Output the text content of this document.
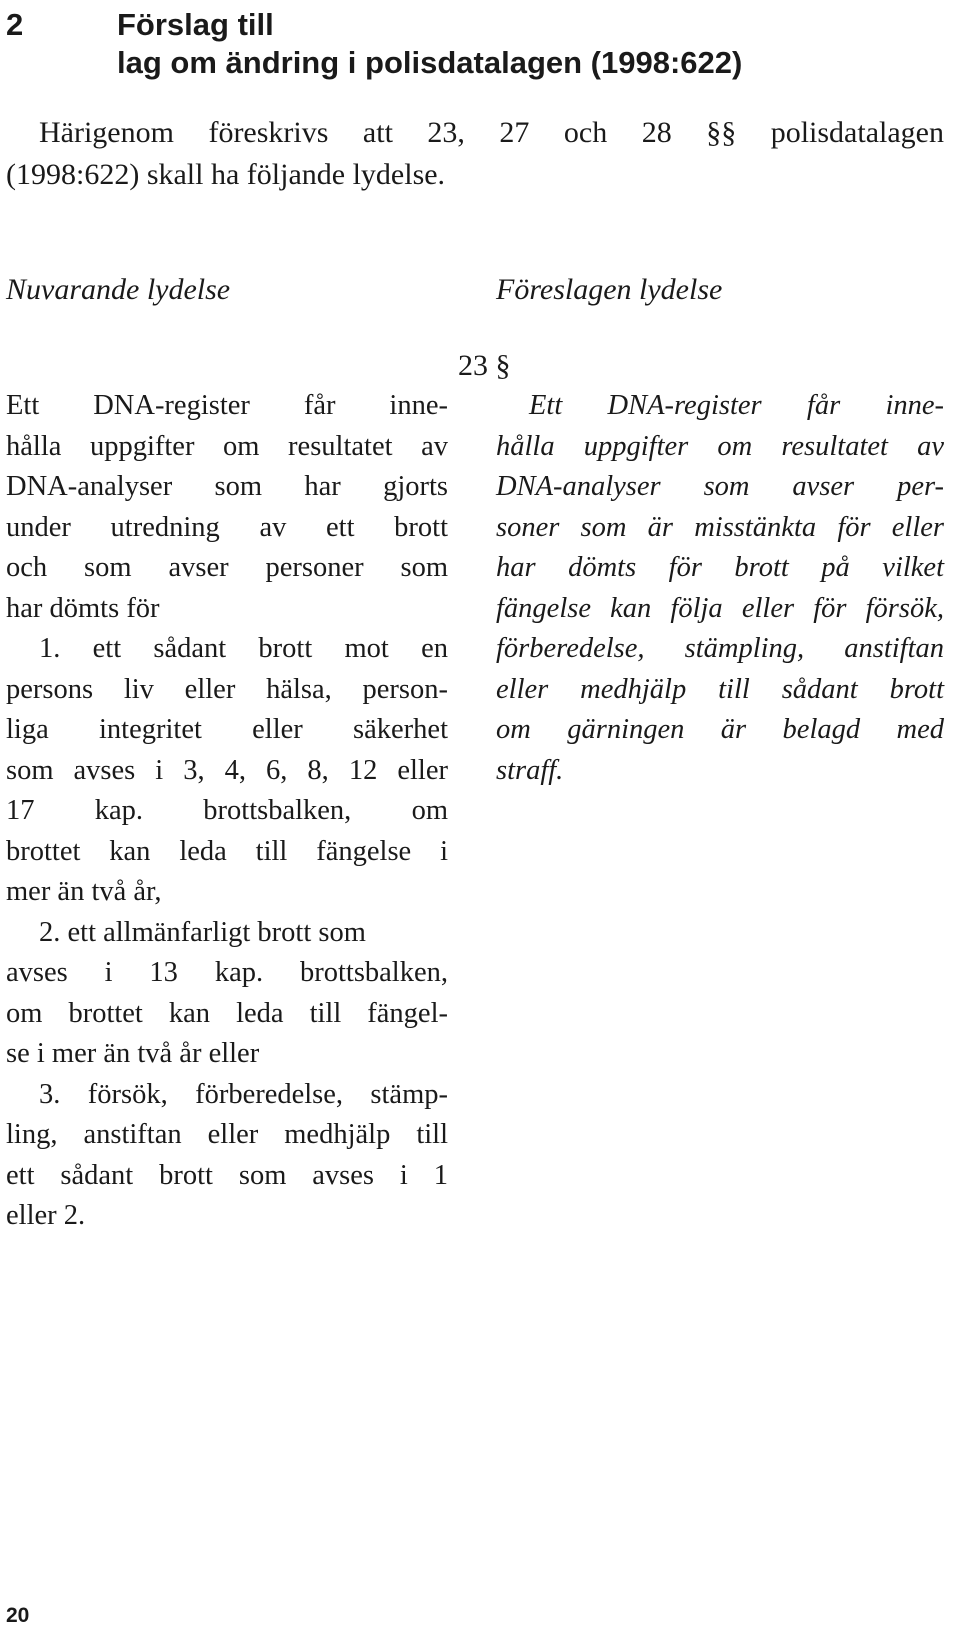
2	Förslag till
lag om ändring i polisdatalagen (1998:622)
Härigenom föreskrivs att 23, 27 och 28 §§ polisdatalagen
(1998:622) skall ha följande lydelse.
Nuvarande lydelse	Föreslagen lydelse
23 §
Ett DNA-register får inne-
hålla uppgifter om resultatet av
DNA-analyser som har gjorts
under utredning av ett brott
och som avser personer som
har dömts för
1. ett sådant brott mot en
persons liv eller hälsa, person-
liga integritet eller säkerhet
som avses i 3, 4, 6, 8, 12 eller
17 kap. brottsbalken, om
brottet kan leda till fängelse i
mer än två år,
2. ett allmänfarligt brott som
avses i 13 kap. brottsbalken,
om brottet kan leda till fängel-
se i mer än två år eller
3. försök, förberedelse, stämp-
ling, anstiftan eller medhjälp till
ett sådant brott som avses i 1
eller 2.
Ett DNA-register får inne-
hålla uppgifter om resultatet av
DNA-analyser som avser per-
soner som är misstänkta för eller
har dömts för brott på vilket
fängelse kan följa eller för försök,
förberedelse, stämpling, anstiftan
eller medhjälp till sådant brott
om gärningen är belagd med
straff.
20
